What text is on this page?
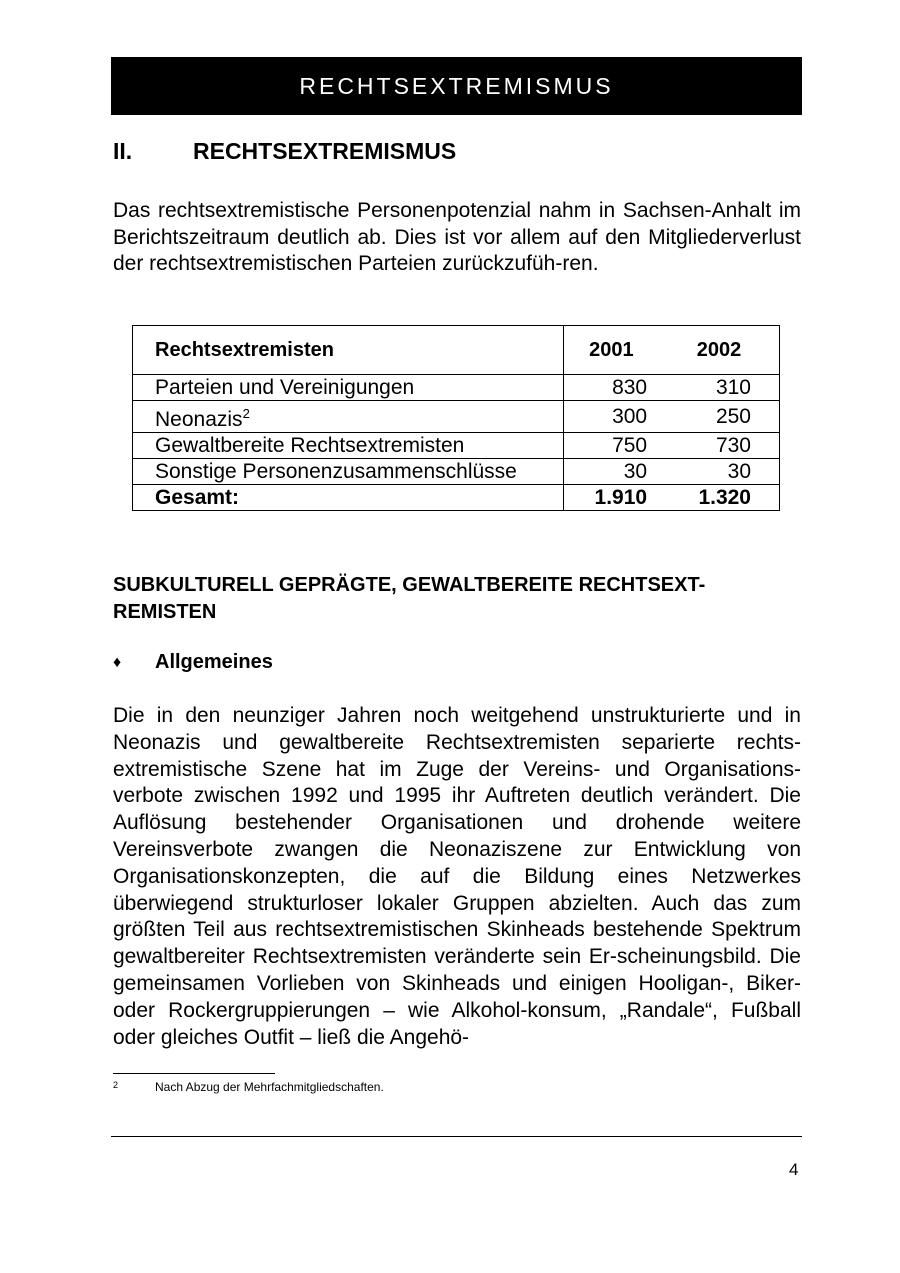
RECHTSEXTREMISMUS
II.	RECHTSEXTREMISMUS
Das rechtsextremistische Personenpotenzial nahm in Sachsen-Anhalt im Berichtszeitraum deutlich ab. Dies ist vor allem auf den Mitgliederverlust der rechtsextremistischen Parteien zurückzufüh-ren.
Rechtsextremisten	2001	2002
Parteien und Vereinigungen	830	310
Neonazis$^2$	300	250
Gewaltbereite Rechtsextremisten	750	730
Sonstige Personenzusammenschlüsse	30	30
Gesamt:	1.910	1.320
SUBKULTURELL GEPRÄGTE, GEWALTBEREITE RECHTSEXT-REMISTEN
♦	Allgemeines
Die in den neunziger Jahren noch weitgehend unstrukturierte und in Neonazis und gewaltbereite Rechtsextremisten separierte rechts-extremistische Szene hat im Zuge der Vereins- und Organisations-verbote zwischen 1992 und 1995 ihr Auftreten deutlich verändert. Die Auflösung bestehender Organisationen und drohende weitere Vereinsverbote zwangen die Neonaziszene zur Entwicklung von Organisationskonzepten, die auf die Bildung eines Netzwerkes überwiegend strukturloser lokaler Gruppen abzielten. Auch das zum größten Teil aus rechtsextremistischen Skinheads bestehende Spektrum gewaltbereiter Rechtsextremisten veränderte sein Er-scheinungsbild. Die gemeinsamen Vorlieben von Skinheads und einigen Hooligan-, Biker- oder Rockergruppierungen – wie Alkohol-konsum, „Randale“, Fußball oder gleiches Outfit – ließ die Angehö-
2	Nach Abzug der Mehrfachmitgliedschaften.
4
